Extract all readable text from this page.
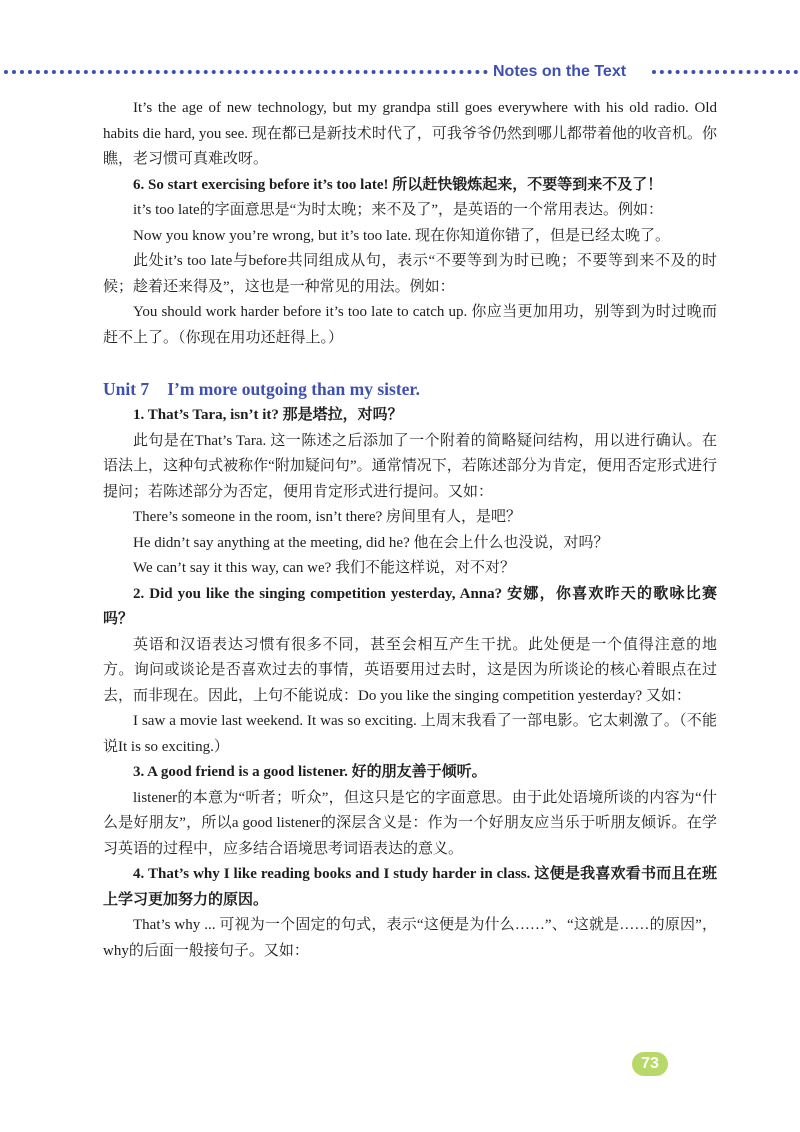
Notes on the Text

It’s the age of new technology, but my grandpa still goes everywhere with his old radio. Old habits die hard, you see. 现在都已是新技术时代了，可我爷爷仍然到哪儿都带着他的收音机。你瞧，老习惯可真难改呀。

6. So start exercising before it’s too late! 所以赶快锻炼起来，不要等到来不及了！

it’s too late的字面意思是“为时太晚；来不及了”，是英语的一个常用表达。例如：

Now you know you’re wrong, but it’s too late. 现在你知道你错了，但是已经太晚了。

此处it’s too late与before共同组成从句，表示“不要等到为时已晚；不要等到来不及的时候；趁着还来得及”，这也是一种常见的用法。例如：

You should work harder before it’s too late to catch up. 你应当更加用功，别等到为时过晚而赶不上了。（你现在用功还赶得上。）

Unit 7 I’m more outgoing than my sister.

1. That’s Tara, isn’t it? 那是塔拉，对吗？

此句是在That’s Tara. 这一陈述之后添加了一个附着的简略疑问结构，用以进行确认。在语法上，这种句式被称作“附加疑问句”。通常情况下，若陈述部分为肯定，便用否定形式进行提问；若陈述部分为否定，便用肯定形式进行提问。又如：

There’s someone in the room, isn’t there? 房间里有人，是吧？

He didn’t say anything at the meeting, did he? 他在会上什么也没说，对吗？

We can’t say it this way, can we? 我们不能这样说，对不对？

2. Did you like the singing competition yesterday, Anna? 安娜，你喜欢昨天的歌咏比赛吗？

英语和汉语表达习惯有很多不同，甚至会相互产生干扰。此处便是一个值得注意的地方。询问或谈论是否喜欢过去的事情，英语要用过去时，这是因为所谈论的核心着眼点在过去，而非现在。因此，上句不能说成：Do you like the singing competition yesterday? 又如：

I saw a movie last weekend. It was so exciting. 上周末我看了一部电影。它太刺激了。（不能说It is so exciting.）

3. A good friend is a good listener. 好的朋友善于倾听。

listener的本意为“听者；听众”，但这只是它的字面意思。由于此处语境所谈的内容为“什么是好朋友”，所以a good listener的深层含义是：作为一个好朋友应当乐于听朋友倾诉。在学习英语的过程中，应多结合语境思考词语表达的意义。

4. That’s why I like reading books and I study harder in class. 这便是我喜欢看书而且在班上学习更加努力的原因。

That’s why ... 可视为一个固定的句式，表示“这便是为什么……”、“这就是……的原因”，why的后面一般接句子。又如：

73
